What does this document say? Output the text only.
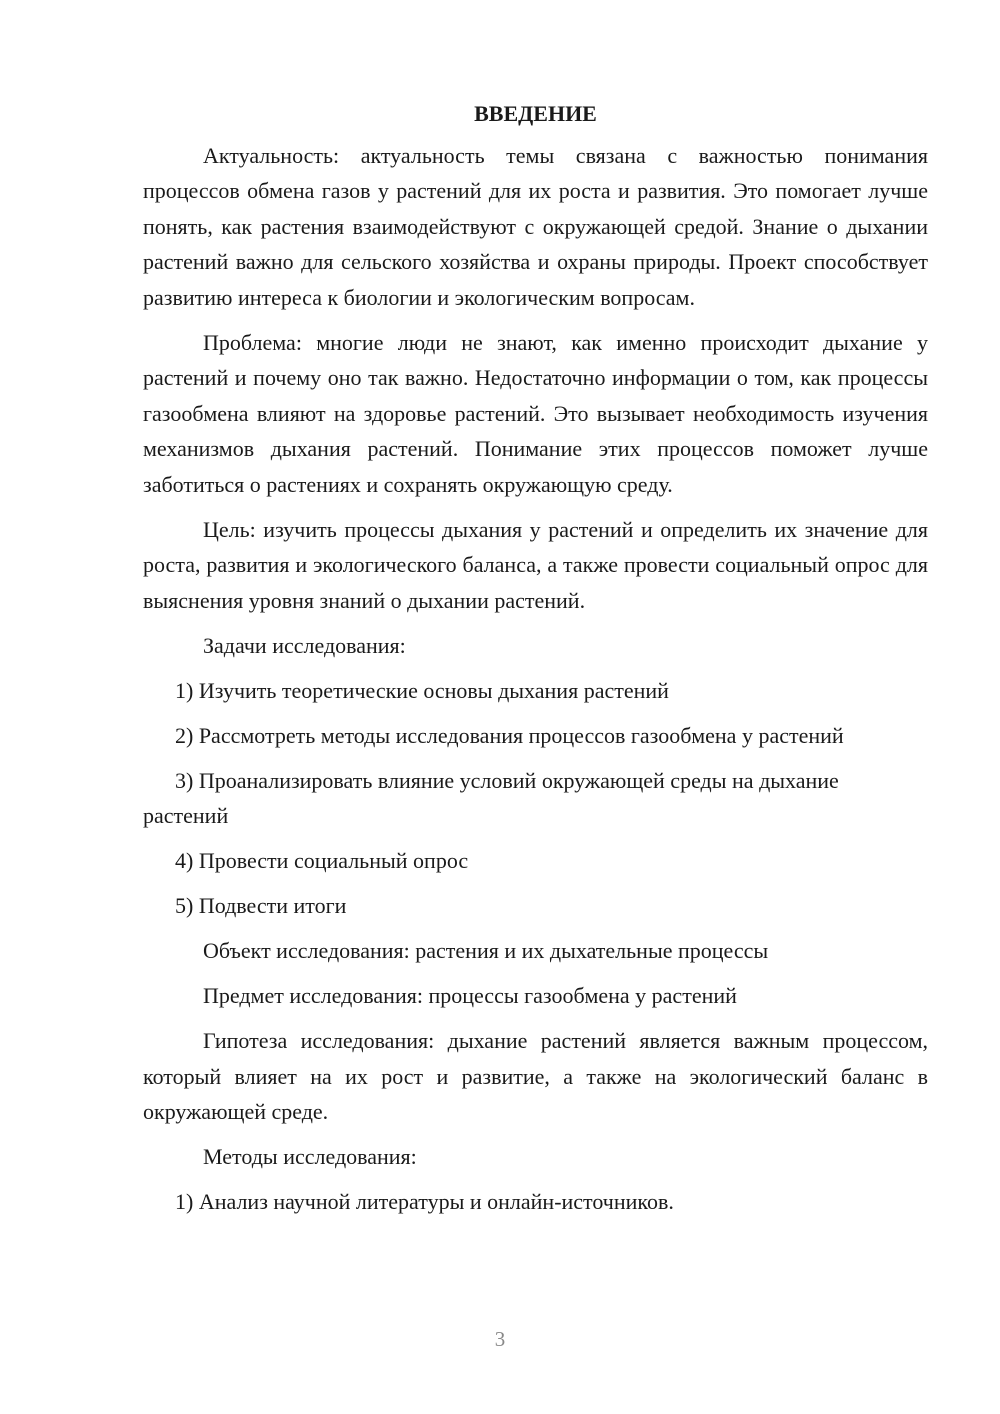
ВВЕДЕНИЕ

Актуальность: актуальность темы связана с важностью понимания процессов обмена газов у растений для их роста и развития. Это помогает лучше понять, как растения взаимодействуют с окружающей средой. Знание о дыхании растений важно для сельского хозяйства и охраны природы. Проект способствует развитию интереса к биологии и экологическим вопросам.

Проблема: многие люди не знают, как именно происходит дыхание у растений и почему оно так важно. Недостаточно информации о том, как процессы газообмена влияют на здоровье растений. Это вызывает необходимость изучения механизмов дыхания растений. Понимание этих процессов поможет лучше заботиться о растениях и сохранять окружающую среду.

Цель: изучить процессы дыхания у растений и определить их значение для роста, развития и экологического баланса, а также провести социальный опрос для выяснения уровня знаний о дыхании растений.

Задачи исследования:

1) Изучить теоретические основы дыхания растений

2) Рассмотреть методы исследования процессов газообмена у растений

3) Проанализировать влияние условий окружающей среды на дыхание растений

4) Провести социальный опрос

5) Подвести итоги

Объект исследования: растения и их дыхательные процессы

Предмет исследования: процессы газообмена у растений

Гипотеза исследования: дыхание растений является важным процессом, который влияет на их рост и развитие, а также на экологический баланс в окружающей среде.

Методы исследования:

1) Анализ научной литературы и онлайн-источников.

3
